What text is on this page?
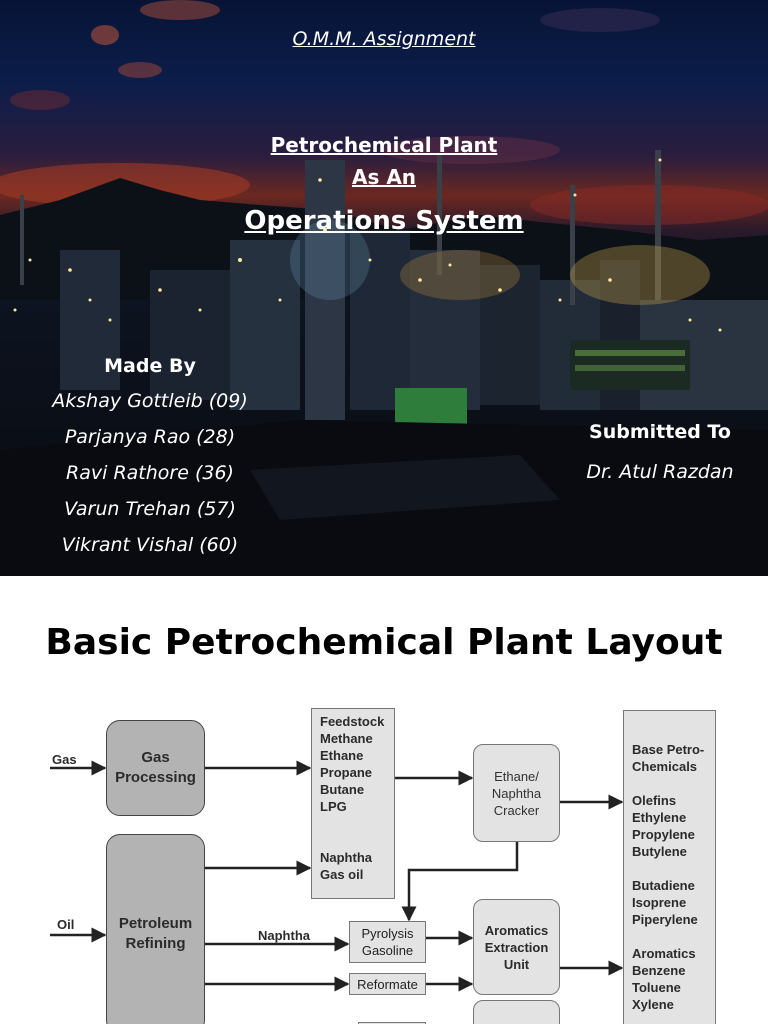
O.M.M. Assignment
Petrochemical Plant
As An
Operations System
Made By
Akshay Gottleib (09)
Parjanya Rao (28)
Ravi Rathore (36)
Varun Trehan (57)
Vikrant Vishal (60)
Submitted To
Dr. Atul Razdan
Basic Petrochemical Plant Layout
Gas
Oil
Naphtha
Gas
Processing
Petroleum
Refining
Feedstock
Methane
Ethane
Propane
Butane
LPG
Naphtha
Gas oil
Ethane/
Naphtha
Cracker
Aromatics
Extraction
Unit
Pyrolysis
Gasoline
Reformate
Base Petro-
Chemicals
Olefins
Ethylene
Propylene
Butylene
Butadiene
Isoprene
Piperylene
Aromatics
Benzene
Toluene
Xylene
